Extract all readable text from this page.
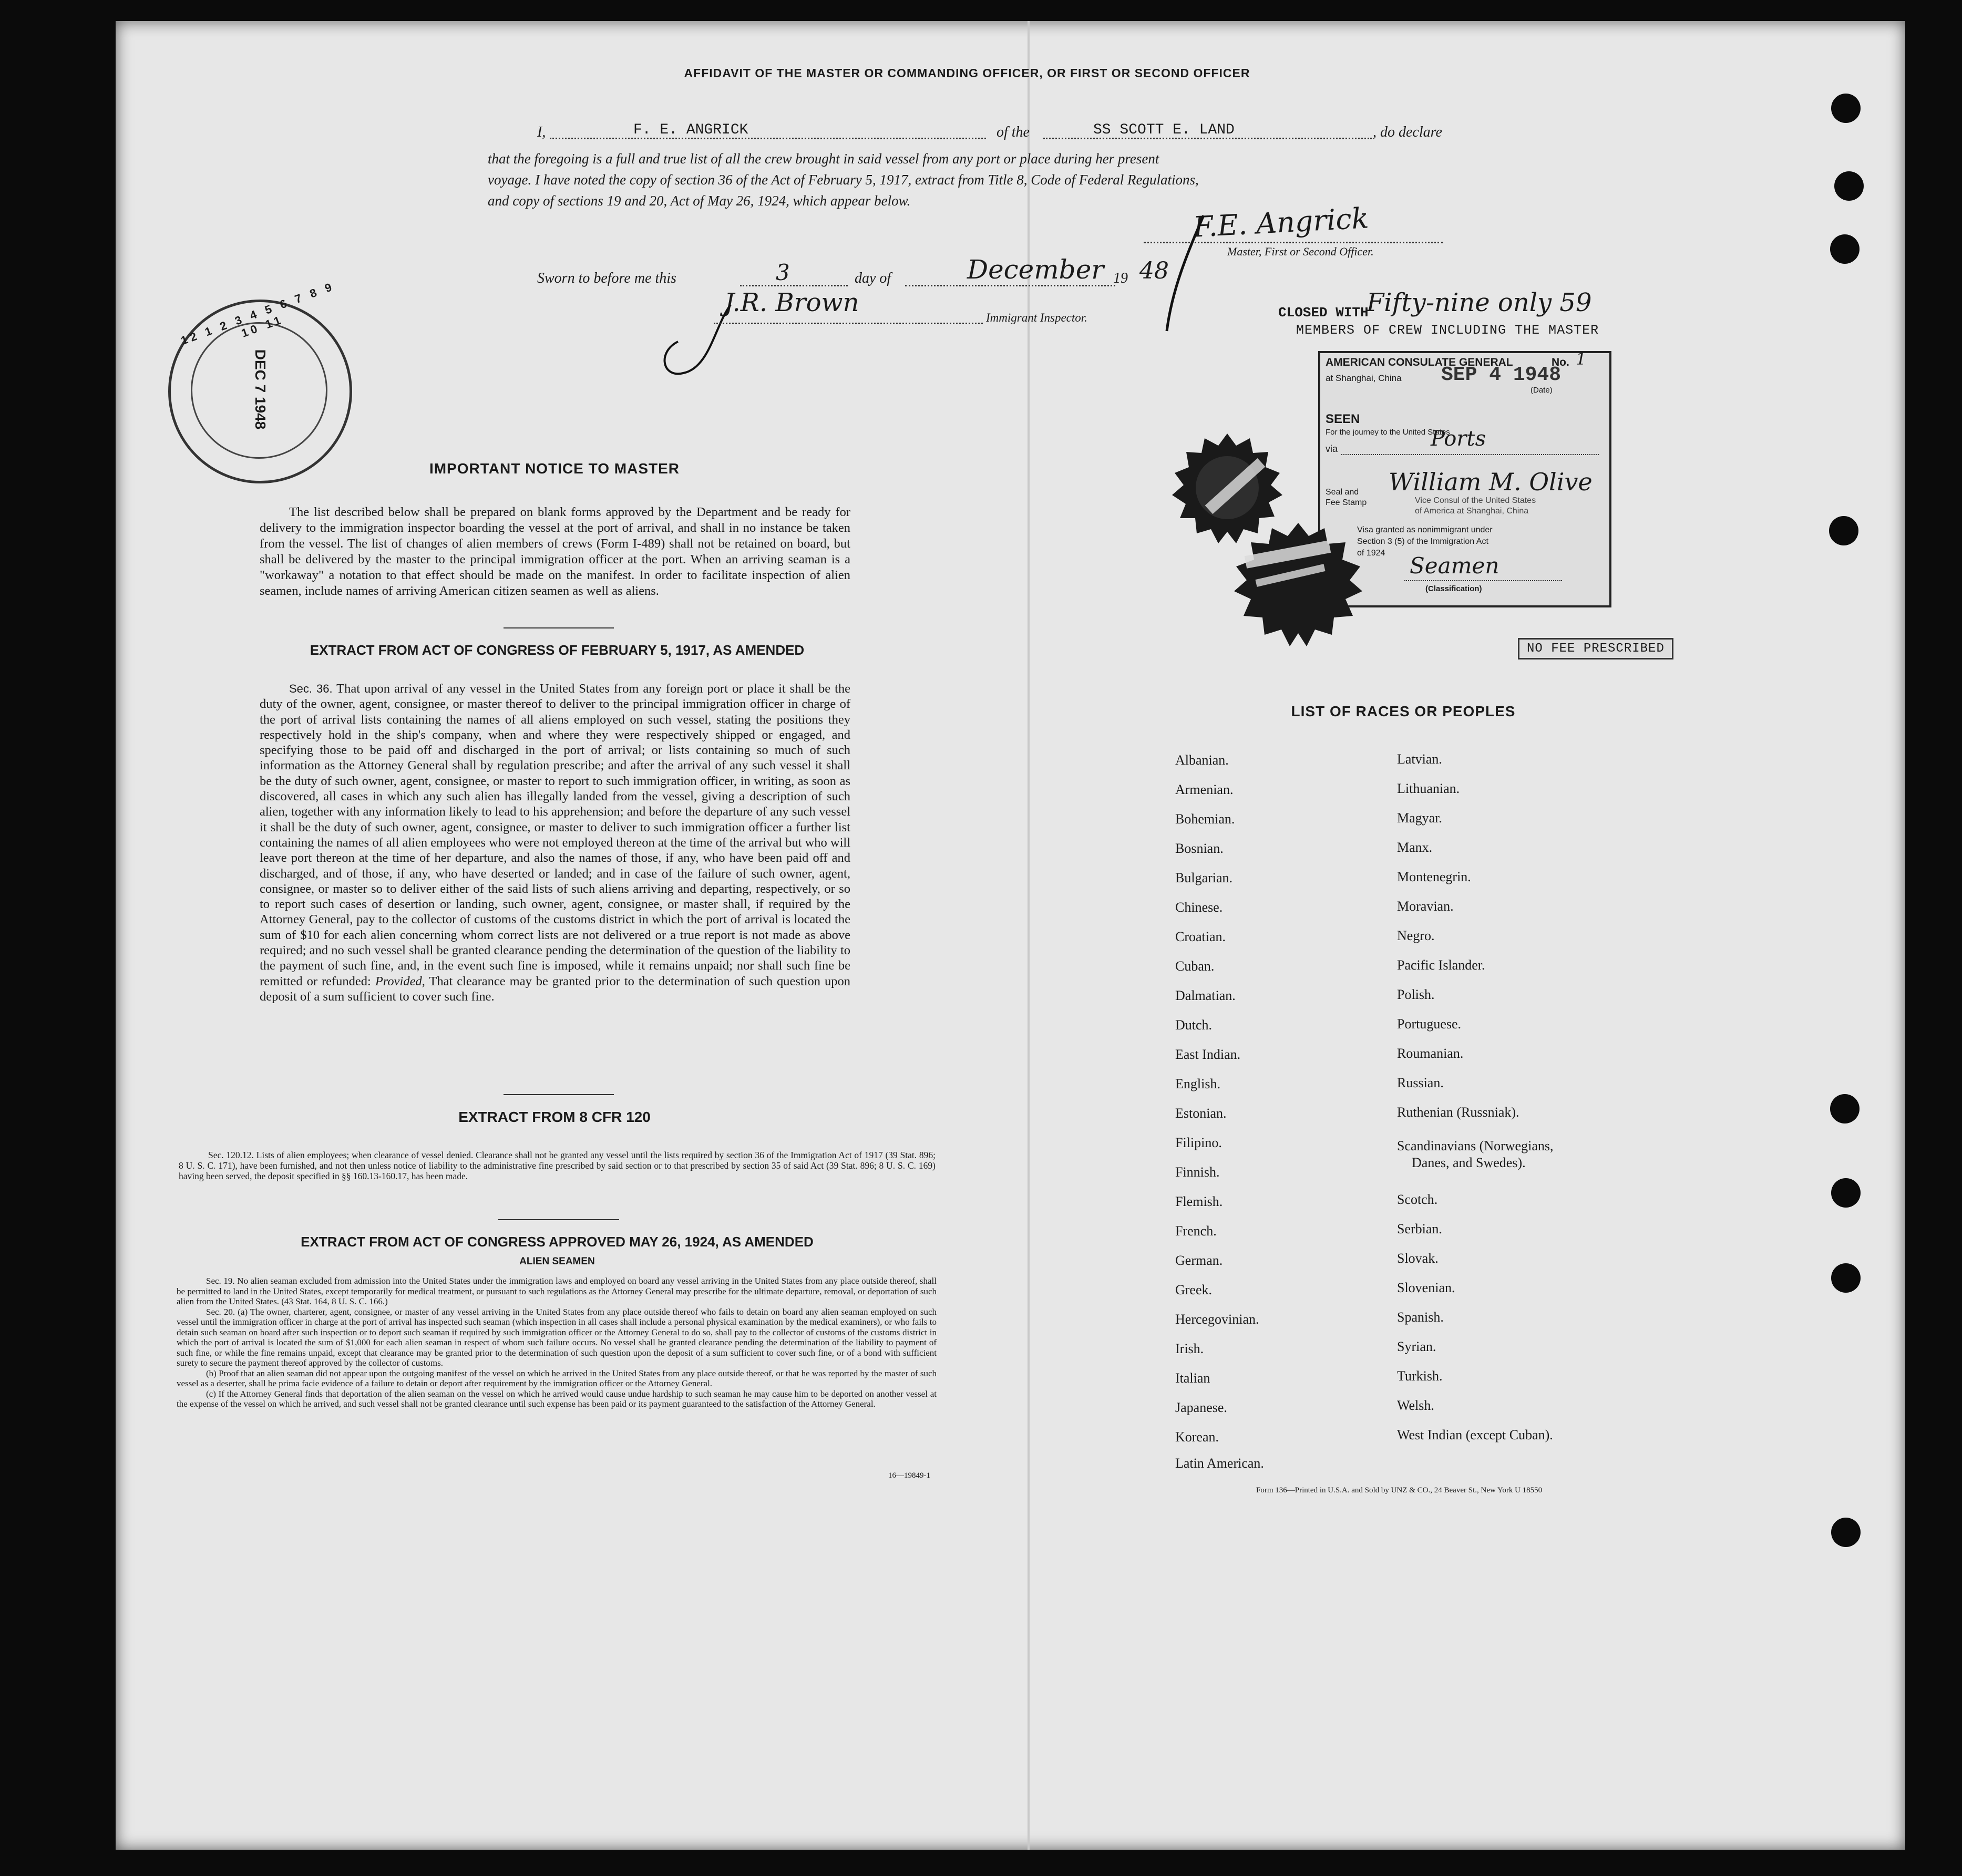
AFFIDAVIT OF THE MASTER OR COMMANDING OFFICER, OR FIRST OR SECOND OFFICER
I,	F. E. ANGRICK	of the	SS SCOTT E. LAND	, do declare
that the foregoing is a full and true list of all the crew brought in said vessel from any port or place during her present
voyage. I have noted the copy of section 36 of the Act of February 5, 1917, extract from Title 8, Code of Federal Regulations,
and copy of sections 19 and 20, Act of May 26, 1924, which appear below.
F.E. Angrick
Master, First or Second Officer.
Sworn to before me this	3	day of	December 19 48
J.R. Brown
Immigrant Inspector.
12 1 2 3 4 5 6 7 8 9 10 11
DEC 7 1948
CLOSED WITH
Fifty-nine only 59
MEMBERS OF CREW INCLUDING THE MASTER
AMERICAN CONSULATE GENERAL	No. 1
at Shanghai, China SEP 4 1948
(Date)
SEEN
For the journey to the United States
via	Ports
Seal and
Fee Stamp
William M. Olive
Vice Consul of the United States
of America at Shanghai, China
Visa granted as nonimmigrant under
Section 3 (5) of the Immigration Act
of 1924 Seamen
(Classification)
NO FEE PRESCRIBED
IMPORTANT NOTICE TO MASTER
The list described below shall be prepared on blank forms approved by the Department and be ready for delivery to the immigration inspector boarding the vessel at the port of arrival, and shall in no instance be taken from the vessel. The list of changes of alien members of crews (Form I-489) shall not be retained on board, but shall be delivered by the master to the principal immigration officer at the port. When an arriving seaman is a "workaway" a notation to that effect should be made on the manifest. In order to facilitate inspection of alien seamen, include names of arriving American citizen seamen as well as aliens.
EXTRACT FROM ACT OF CONGRESS OF FEBRUARY 5, 1917, AS AMENDED
Sec. 36. That upon arrival of any vessel in the United States from any foreign port or place it shall be the duty of the owner, agent, consignee, or master thereof to deliver to the principal immigration officer in charge of the port of arrival lists containing the names of all aliens employed on such vessel, stating the positions they respectively hold in the ship's company, when and where they were respectively shipped or engaged, and specifying those to be paid off and discharged in the port of arrival; or lists containing so much of such information as the Attorney General shall by regulation prescribe; and after the arrival of any such vessel it shall be the duty of such owner, agent, consignee, or master to report to such immigration officer, in writing, as soon as discovered, all cases in which any such alien has illegally landed from the vessel, giving a description of such alien, together with any information likely to lead to his apprehension; and before the departure of any such vessel it shall be the duty of such owner, agent, consignee, or master to deliver to such immigration officer a further list containing the names of all alien employees who were not employed thereon at the time of the arrival but who will leave port thereon at the time of her departure, and also the names of those, if any, who have been paid off and discharged, and of those, if any, who have deserted or landed; and in case of the failure of such owner, agent, consignee, or master so to deliver either of the said lists of such aliens arriving and departing, respectively, or so to report such cases of desertion or landing, such owner, agent, consignee, or master shall, if required by the Attorney General, pay to the collector of customs of the customs district in which the port of arrival is located the sum of $10 for each alien concerning whom correct lists are not delivered or a true report is not made as above required; and no such vessel shall be granted clearance pending the determination of the question of the liability to the payment of such fine, and, in the event such fine is imposed, while it remains unpaid; nor shall such fine be remitted or refunded: Provided, That clearance may be granted prior to the determination of such question upon deposit of a sum sufficient to cover such fine.
EXTRACT FROM 8 CFR 120
Sec. 120.12. Lists of alien employees; when clearance of vessel denied. Clearance shall not be granted any vessel until the lists required by section 36 of the Immigration Act of 1917 (39 Stat. 896; 8 U. S. C. 171), have been furnished, and not then unless notice of liability to the administrative fine prescribed by said section or to that prescribed by section 35 of said Act (39 Stat. 896; 8 U. S. C. 169) having been served, the deposit specified in §§ 160.13-160.17, has been made.
EXTRACT FROM ACT OF CONGRESS APPROVED MAY 26, 1924, AS AMENDED
ALIEN SEAMEN
Sec. 19. No alien seaman excluded from admission into the United States under the immigration laws and employed on board any vessel arriving in the United States from any place outside thereof, shall be permitted to land in the United States, except temporarily for medical treatment, or pursuant to such regulations as the Attorney General may prescribe for the ultimate departure, removal, or deportation of such alien from the United States. (43 Stat. 164, 8 U. S. C. 166.)
Sec. 20. (a) The owner, charterer, agent, consignee, or master of any vessel arriving in the United States from any place outside thereof who fails to detain on board any alien seaman employed on such vessel until the immigration officer in charge at the port of arrival has inspected such seaman (which inspection in all cases shall include a personal physical examination by the medical examiners), or who fails to detain such seaman on board after such inspection or to deport such seaman if required by such immigration officer or the Attorney General to do so, shall pay to the collector of customs of the customs district in which the port of arrival is located the sum of $1,000 for each alien seaman in respect of whom such failure occurs. No vessel shall be granted clearance pending the determination of the liability to payment of such fine, or while the fine remains unpaid, except that clearance may be granted prior to the determination of such question upon the deposit of a sum sufficient to cover such fine, or of a bond with sufficient surety to secure the payment thereof approved by the collector of customs.
(b) Proof that an alien seaman did not appear upon the outgoing manifest of the vessel on which he arrived in the United States from any place outside thereof, or that he was reported by the master of such vessel as a deserter, shall be prima facie evidence of a failure to detain or deport after requirement by the immigration officer or the Attorney General.
(c) If the Attorney General finds that deportation of the alien seaman on the vessel on which he arrived would cause undue hardship to such seaman he may cause him to be deported on another vessel at the expense of the vessel on which he arrived, and such vessel shall not be granted clearance until such expense has been paid or its payment guaranteed to the satisfaction of the Attorney General.
16—19849-1
LIST OF RACES OR PEOPLES
Albanian.
Armenian.
Bohemian.
Bosnian.
Bulgarian.
Chinese.
Croatian.
Cuban.
Dalmatian.
Dutch.
East Indian.
English.
Estonian.
Filipino.
Finnish.
Flemish.
French.
German.
Greek.
Hercegovinian.
Irish.
Italian
Japanese.
Korean.
Latin American.
Latvian.
Lithuanian.
Magyar.
Manx.
Montenegrin.
Moravian.
Negro.
Pacific Islander.
Polish.
Portuguese.
Roumanian.
Russian.
Ruthenian (Russniak).
Scandinavians (Norwegians,
Danes, and Swedes).
Scotch.
Serbian.
Slovak.
Slovenian.
Spanish.
Syrian.
Turkish.
Welsh.
West Indian (except Cuban).
Form 136—Printed in U.S.A. and Sold by UNZ & CO., 24 Beaver St., New York U 18550
